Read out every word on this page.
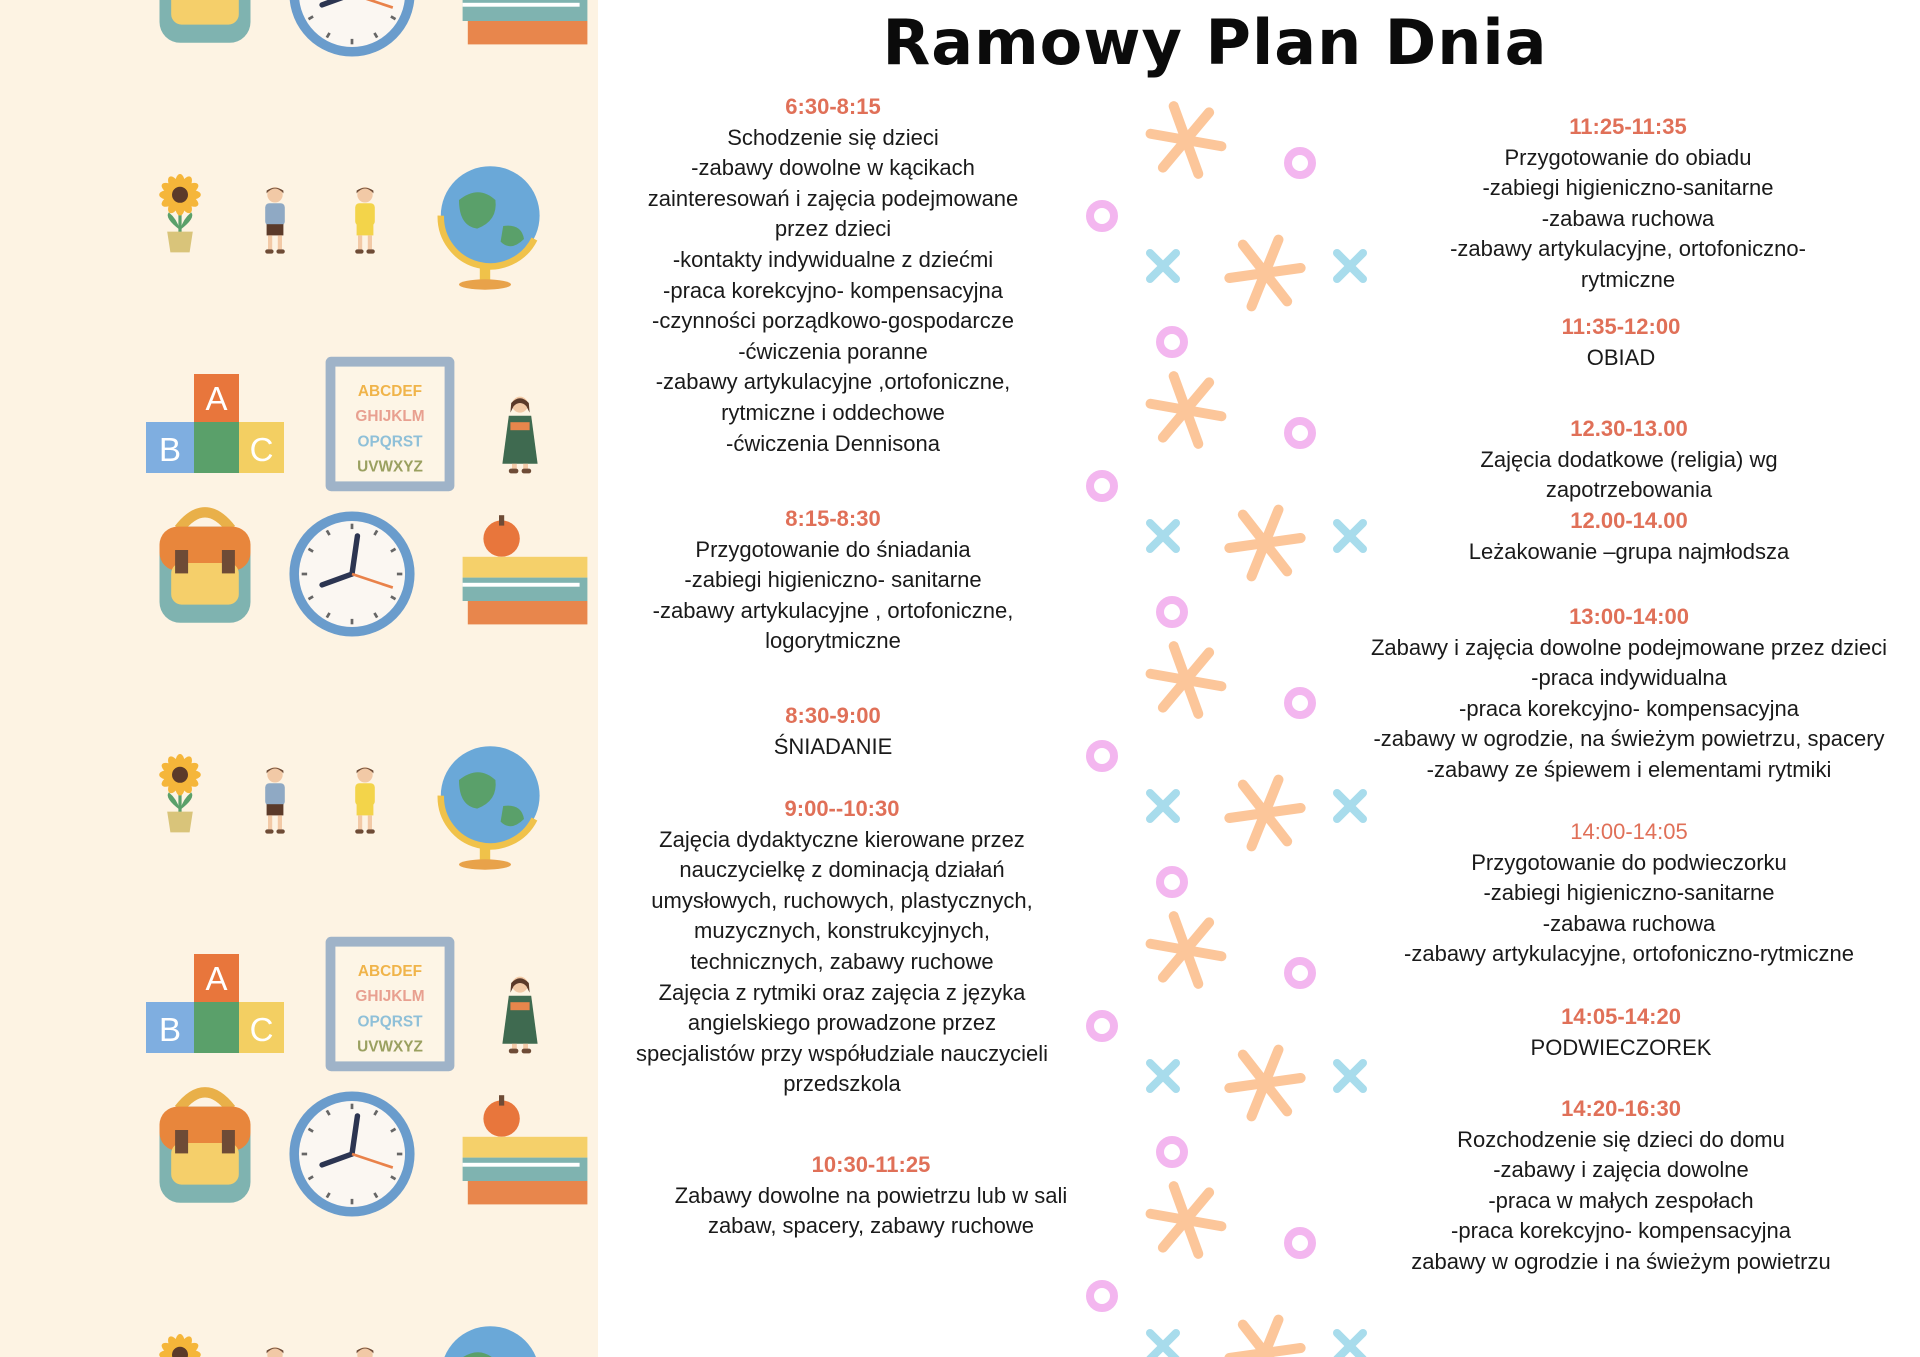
A
B	C
ABCDEF
GHIJKLM
OPQRST
UVWXYZ
A
B	C
ABCDEF
GHIJKLM
OPQRST
UVWXYZ
Ramowy Plan Dnia
6:30-8:15
Schodzenie się dzieci
-zabawy dowolne w kącikach
zainteresowań i zajęcia podejmowane
przez dzieci
-kontakty indywidualne z dziećmi
-praca korekcyjno- kompensacyjna
-czynności porządkowo-gospodarcze
-ćwiczenia poranne
-zabawy artykulacyjne ,ortofoniczne,
rytmiczne i oddechowe
-ćwiczenia Dennisona
8:15-8:30
Przygotowanie do śniadania
-zabiegi higieniczno- sanitarne
-zabawy artykulacyjne , ortofoniczne,
logorytmiczne
8:30-9:00
ŚNIADANIE
9:00--10:30
Zajęcia dydaktyczne kierowane przez
nauczycielkę z dominacją działań
umysłowych, ruchowych, plastycznych,
muzycznych, konstrukcyjnych,
technicznych, zabawy ruchowe
Zajęcia z rytmiki oraz zajęcia z języka
angielskiego prowadzone przez
specjalistów przy współudziale nauczycieli
przedszkola
10:30-11:25
Zabawy dowolne na powietrzu lub w sali
zabaw, spacery, zabawy ruchowe
11:25-11:35
Przygotowanie do obiadu
-zabiegi higieniczno-sanitarne
-zabawa ruchowa
-zabawy artykulacyjne, ortofoniczno-
rytmiczne
11:35-12:00
OBIAD
12.30-13.00
Zajęcia dodatkowe (religia) wg
zapotrzebowania
12.00-14.00
Leżakowanie –grupa najmłodsza
13:00-14:00
Zabawy i zajęcia dowolne podejmowane przez dzieci
-praca indywidualna
-praca korekcyjno- kompensacyjna
-zabawy w ogrodzie, na świeżym powietrzu, spacery
-zabawy ze śpiewem i elementami rytmiki
14:00-14:05
Przygotowanie do podwieczorku
-zabiegi higieniczno-sanitarne
-zabawa ruchowa
-zabawy artykulacyjne, ortofoniczno-rytmiczne
14:05-14:20
PODWIECZOREK
14:20-16:30
Rozchodzenie się dzieci do domu
-zabawy i zajęcia dowolne
-praca w małych zespołach
-praca korekcyjno- kompensacyjna
zabawy w ogrodzie i na świeżym powietrzu
